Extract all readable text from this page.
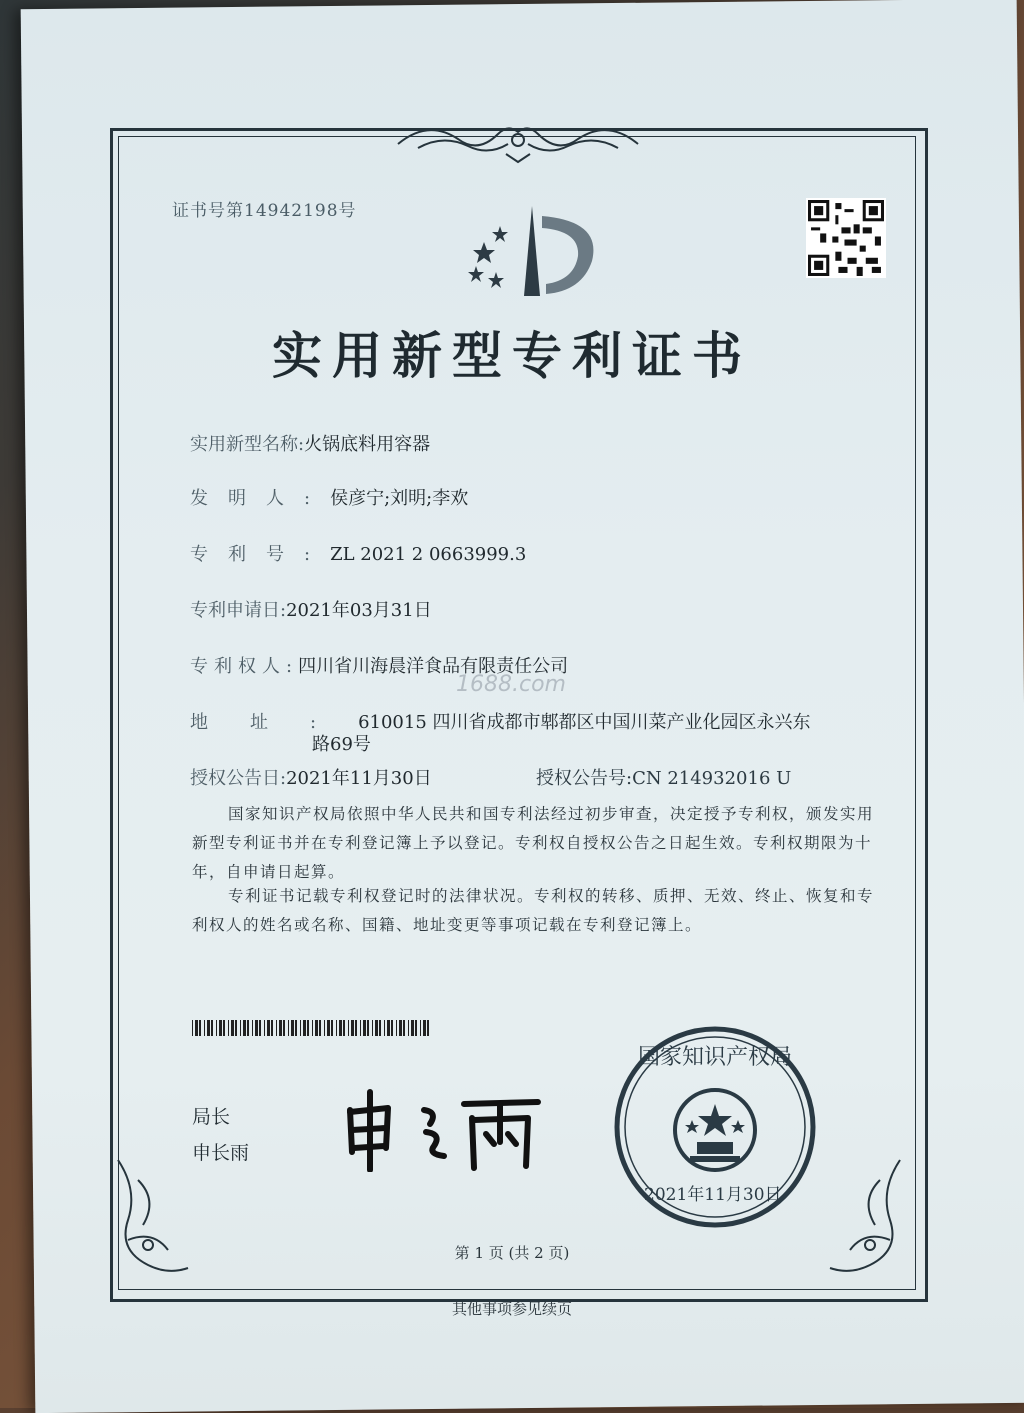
证书号第14942198号
实用新型专利证书
实用新型名称:火锅底料用容器
发明人:侯彦宁;刘明;李欢
专利号:ZL 2021 2 0663999.3
专利申请日:2021年03月31日
专利权人:四川省川海晨洋食品有限责任公司
地址:610015 四川省成都市郫都区中国川菜产业化园区永兴东
路69号
授权公告日:2021年11月30日	授权公告号:CN 214932016 U
1688.com
国家知识产权局依照中华人民共和国专利法经过初步审查，决定授予专利权，颁发实用新型专利证书并在专利登记簿上予以登记。专利权自授权公告之日起生效。专利权期限为十年，自申请日起算。
专利证书记载专利权登记时的法律状况。专利权的转移、质押、无效、终止、恢复和专利权人的姓名或名称、国籍、地址变更等事项记载在专利登记簿上。
局长
申长雨
国家知识产权局
2021年11月30日
第 1 页 (共 2 页)
其他事项参见续页
